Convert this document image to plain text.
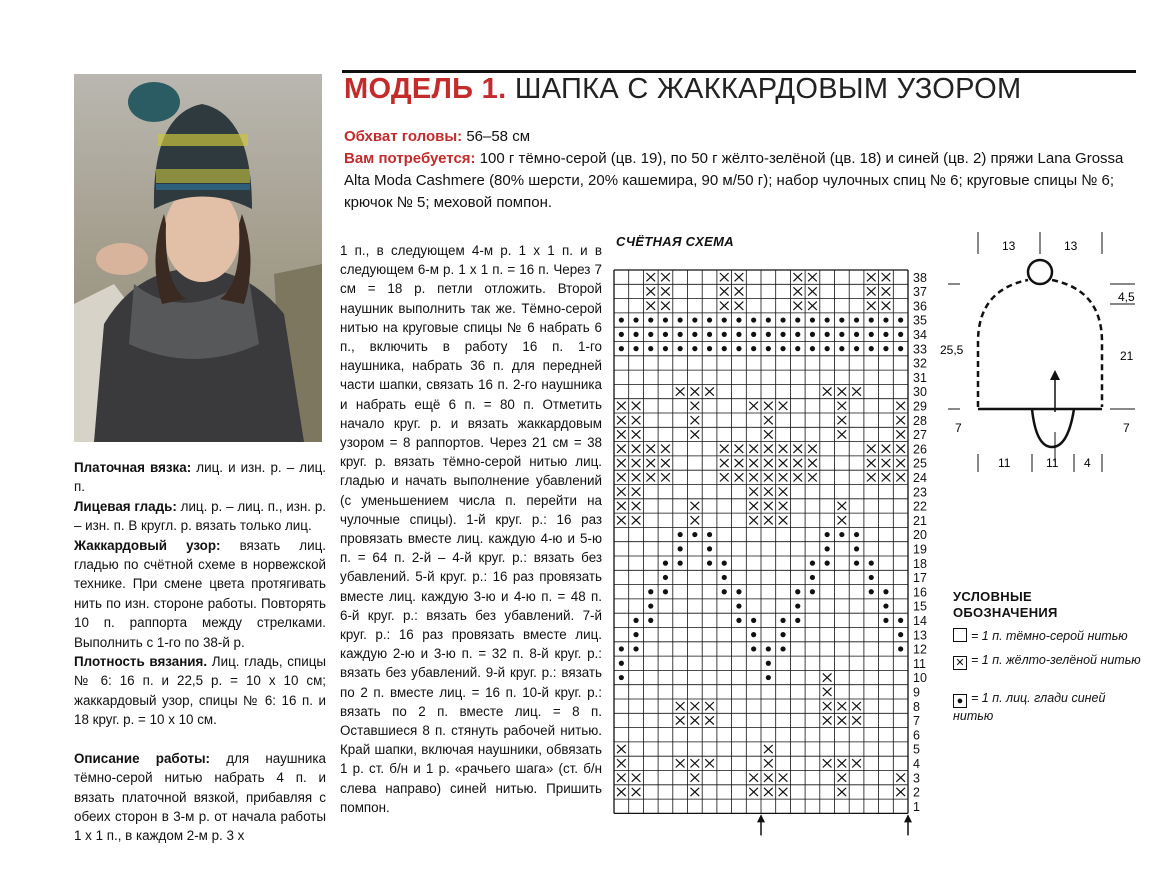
МОДЕЛЬ 1. ШАПКА С ЖАККАРДОВЫМ УЗОРОМ
Обхват головы: 56–58 см
Вам потребуется: 100 г тёмно-серой (цв. 19), по 50 г жёлто-зелёной (цв. 18) и синей (цв. 2) пряжи Lana Grossa Alta Moda Cashmere (80% шерсти, 20% кашемира, 90 м/50 г); набор чулочных спиц № 6; круговые спицы № 6; крючок № 5; меховой помпон.

Платочная вязка: лиц. и изн. р. – лиц. п.

Лицевая гладь: лиц. р. – лиц. п., изн. р. – изн. п. В кругл. р. вязать только лиц.

Жаккардовый узор: вязать лиц. гладью по счётной схеме в норвежской технике. При смене цвета протягивать нить по изн. стороне работы. Повторять 10 п. раппорта между стрелками. Выполнить с 1-го по 38-й р.

Плотность вязания. Лиц. гладь, спицы № 6: 16 п. и 22,5 р. = 10 x 10 см; жаккардовый узор, спицы № 6: 16 п. и 18 круг. р. = 10 x 10 см.

Описание работы: для наушника тёмно-серой нитью набрать 4 п. и вязать платочной вязкой, прибавляя с обеих сторон в 3-м р. от начала работы 1 x 1 п., в каждом 2-м р. 3 x

1 п., в следующем 4-м р. 1 x 1 п. и в следующем 6-м р. 1 x 1 п. = 16 п. Через 7 см = 18 р. петли отложить. Второй наушник выполнить так же. Тёмно-серой нитью на круговые спицы № 6 набрать 6 п., включить в работу 16 п. 1-го наушника, набрать 36 п. для передней части шапки, связать 16 п. 2-го наушника и набрать ещё 6 п. = 80 п. Отметить начало круг. р. и вязать жаккардовым узором = 8 раппортов. Через 21 см = 38 круг. р. вязать тёмно-серой нитью лиц. гладью и начать выполнение убавлений (с уменьшением числа п. перейти на чулочные спицы). 1-й круг. р.: 16 раз провязать вместе лиц. каждую 4-ю и 5-ю п. = 64 п. 2-й – 4-й круг. р.: вязать без убавлений. 5-й круг. р.: 16 раз провязать вместе лиц. каждую 3-ю и 4-ю п. = 48 п. 6-й круг. р.: вязать без убавлений. 7-й круг. р.: 16 раз провязать вместе лиц. каждую 2-ю и 3-ю п. = 32 п. 8-й круг. р.: вязать без убавлений. 9-й круг. р.: вязать по 2 п. вместе лиц. = 16 п. 10-й круг. р.: вязать по 2 п. вместе лиц. = 8 п. Оставшиеся 8 п. стянуть рабочей нитью. Край шапки, включая наушники, обвязать 1 р. ст. б/н и 1 р. «рачьего шага» (ст. б/н слева направо) синей нитью. Пришить помпон.

СЧЁТНАЯ СХЕМА
1
2
3
4
5
6
7
8
9
10
11
12
13
14
15
16
17
18
19
20
21
22
23
24
25
26
27
28
29
30
31
32
33
34
35
36
37
38
13	13
25,5
4,5
21
7	7
11	11 4
УСЛОВНЫЕ
ОБОЗНАЧЕНИЯ
= 1 п. тёмно-серой нитью
✕ = 1 п. жёлто-зелёной нитью
● = 1 п. лиц. глади синей нитью
